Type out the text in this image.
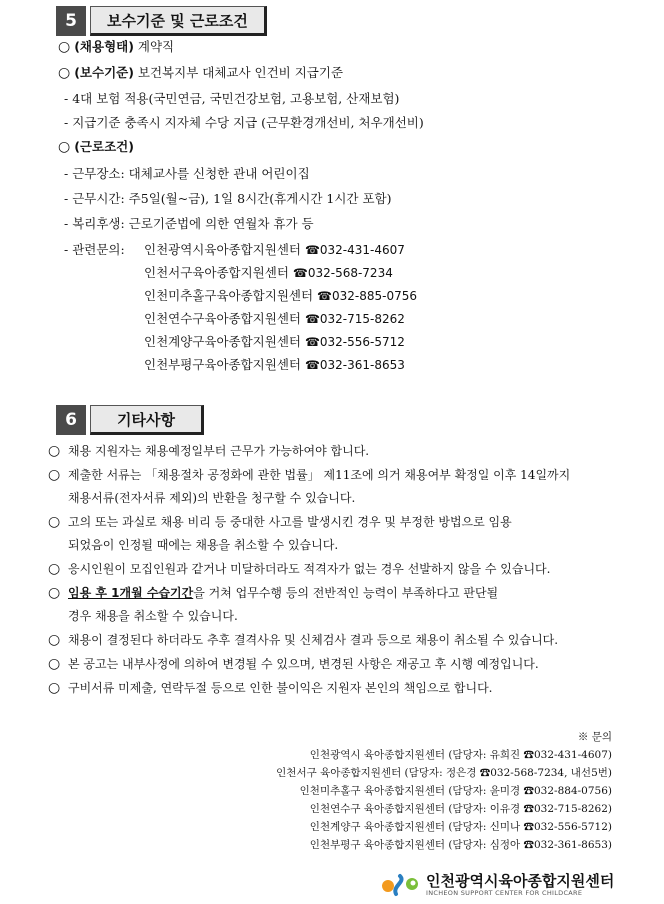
5	보수기준 및 근로조건
○ (채용형태) 계약직
○ (보수기준) 보건복지부 대체교사 인건비 지급기준
- 4대 보험 적용(국민연금, 국민건강보험, 고용보험, 산재보험)
- 지급기준 충족시 지자체 수당 지급 (근무환경개선비, 처우개선비)
○ (근로조건)
- 근무장소: 대체교사를 신청한 관내 어린이집
- 근무시간: 주5일(월~금), 1일 8시간(휴게시간 1시간 포함)
- 복리후생: 근로기준법에 의한 연월차 휴가 등
- 관련문의: 인천광역시육아종합지원센터 ☎032-431-4607
인천서구육아종합지원센터 ☎032-568-7234
인천미추홀구육아종합지원센터 ☎032-885-0756
인천연수구육아종합지원센터 ☎032-715-8262
인천계양구육아종합지원센터 ☎032-556-5712
인천부평구육아종합지원센터 ☎032-361-8653
6	기타사항
○ 채용 지원자는 채용예정일부터 근무가 가능하여야 합니다.
○ 제출한 서류는 「채용절차 공정화에 관한 법률」 제11조에 의거 채용여부 확정일 이후 14일까지
채용서류(전자서류 제외)의 반환을 청구할 수 있습니다.
○ 고의 또는 과실로 채용 비리 등 중대한 사고를 발생시킨 경우 및 부정한 방법으로 임용
되었음이 인정될 때에는 채용을 취소할 수 있습니다.
○ 응시인원이 모집인원과 같거나 미달하더라도 적격자가 없는 경우 선발하지 않을 수 있습니다.
○ 임용 후 1개월 수습기간을 거쳐 업무수행 등의 전반적인 능력이 부족하다고 판단될
경우 채용을 취소할 수 있습니다.
○ 채용이 결정된다 하더라도 추후 결격사유 및 신체검사 결과 등으로 채용이 취소될 수 있습니다.
○ 본 공고는 내부사정에 의하여 변경될 수 있으며, 변경된 사항은 재공고 후 시행 예정입니다.
○ 구비서류 미제출, 연락두절 등으로 인한 불이익은 지원자 본인의 책임으로 합니다.
※ 문의
인천광역시 육아종합지원센터 (담당자: 유희진 ☎032-431-4607)
인천서구 육아종합지원센터 (담당자: 정은경 ☎032-568-7234, 내선5번)
인천미추홀구 육아종합지원센터 (담당자: 윤미경 ☎032-884-0756)
인천연수구 육아종합지원센터 (담당자: 이유경 ☎032-715-8262)
인천계양구 육아종합지원센터 (담당자: 신미나 ☎032-556-5712)
인천부평구 육아종합지원센터 (담당자: 심정아 ☎032-361-8653)
인천광역시육아종합지원센터
INCHEON SUPPORT CENTER FOR CHILDCARE
